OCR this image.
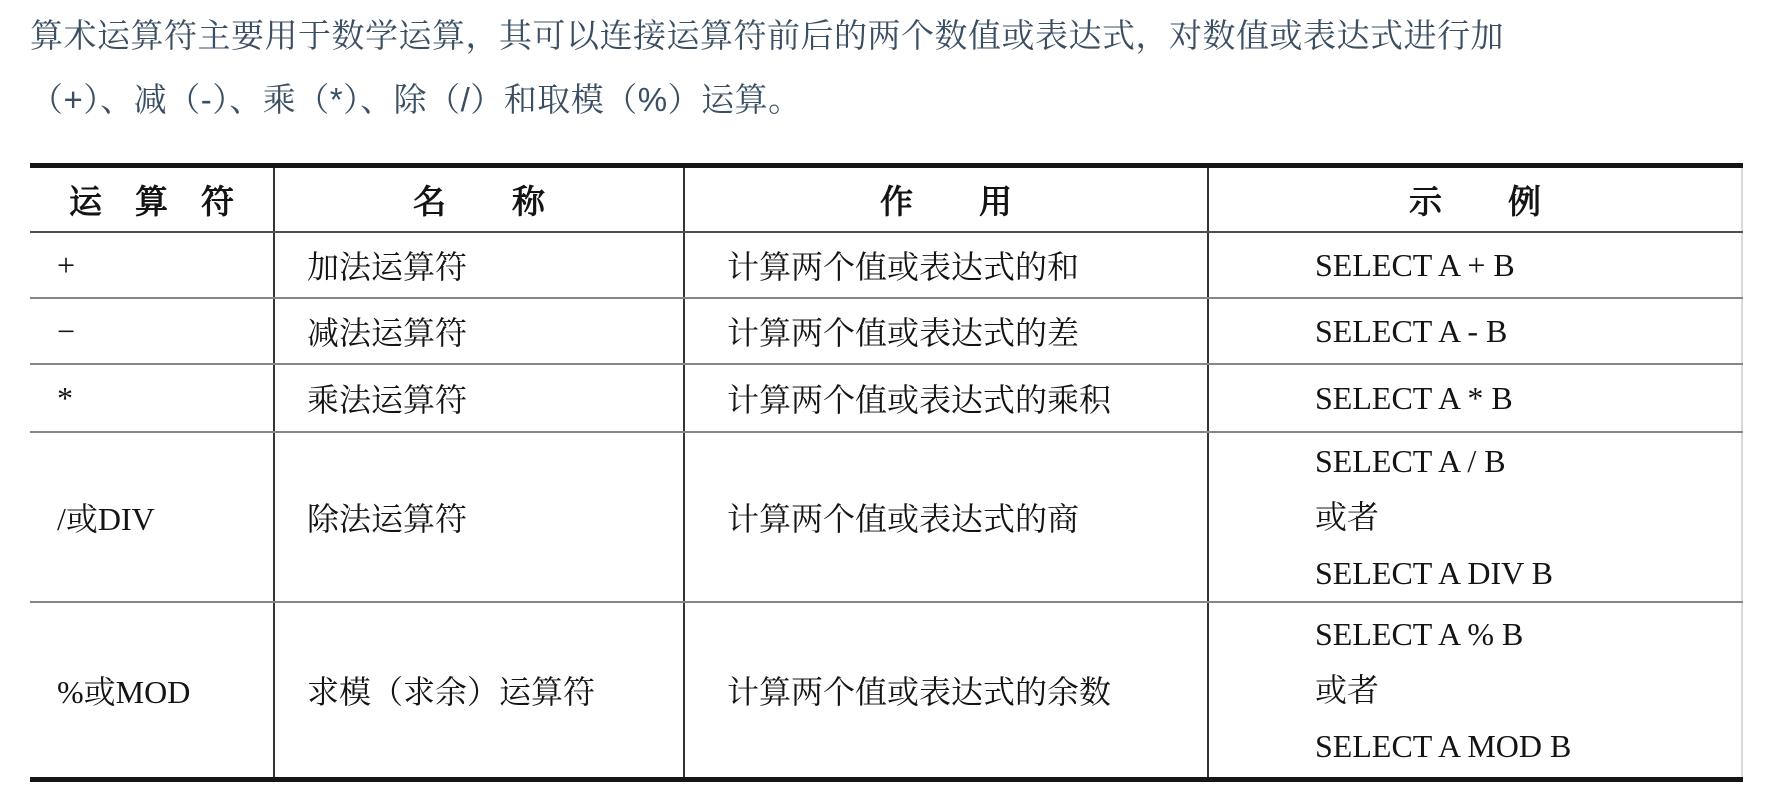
算术运算符主要用于数学运算，其可以连接运算符前后的两个数值或表达式，对数值或表达式进行加
（+）、减（-）、乘（*）、除（/）和取模（%）运算。
运　算　符	名　　称	作　　用	示　　例
+	加法运算符	计算两个值或表达式的和	SELECT A + B

−	减法运算符	计算两个值或表达式的差	SELECT A - B

*	乘法运算符	计算两个值或表达式的乘积	SELECT A * B

/或DIV	除法运算符	计算两个值或表达式的商	SELECT A / B
或者
SELECT A DIV B

%或MOD	求模（求余）运算符	计算两个值或表达式的余数	SELECT A % B
或者
SELECT A MOD B
